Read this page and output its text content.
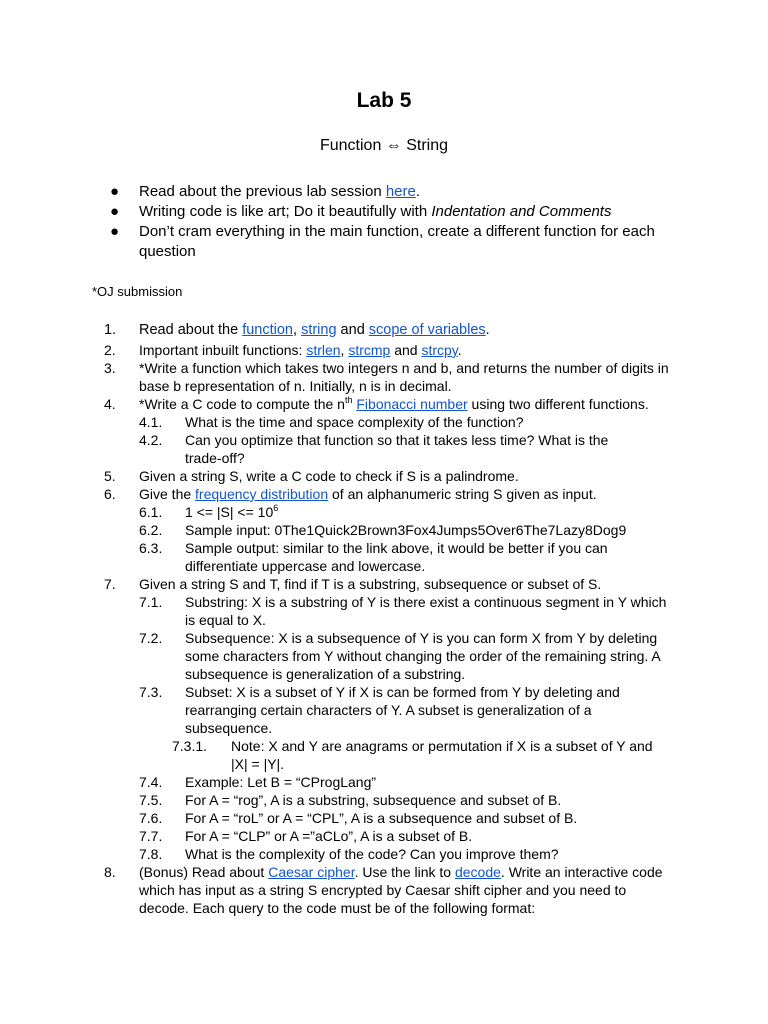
Lab 5
Function ⇔ String
● Read about the previous lab session here.
● Writing code is like art; Do it beautifully with Indentation and Comments
● Don’t cram everything in the main function, create a different function for each question
*OJ submission
1.	Read about the function, string and scope of variables.
2.	Important inbuilt functions: strlen, strcmp and strcpy.
3.	*Write a function which takes two integers n and b, and returns the number of digits in base b representation of n. Initially, n is in decimal.
4.	*Write a C code to compute the $n^{th}$ Fibonacci number using two different functions.
4.1.	What is the time and space complexity of the function?
4.2.	Can you optimize that function so that it takes less time? What is the trade-off?
5.	Given a string S, write a C code to check if S is a palindrome.
6.	Give the frequency distribution of an alphanumeric string S given as input.
6.1.	$1 <= |S| <= 10^6$
6.2.	Sample input: 0The1Quick2Brown3Fox4Jumps5Over6The7Lazy8Dog9
6.3.	Sample output: similar to the link above, it would be better if you can differentiate uppercase and lowercase.
7.	Given a string S and T, find if T is a substring, subsequence or subset of S.
7.1.	Substring: X is a substring of Y is there exist a continuous segment in Y which is equal to X.
7.2.	Subsequence: X is a subsequence of Y is you can form X from Y by deleting some characters from Y without changing the order of the remaining string. A subsequence is generalization of a substring.
7.3.	Subset: X is a subset of Y if X is can be formed from Y by deleting and rearranging certain characters of Y. A subset is generalization of a subsequence.
7.3.1.	Note: X and Y are anagrams or permutation if X is a subset of Y and |X| = |Y|.
7.4.	Example: Let B = “CProgLang”
7.5.	For A = “rog”, A is a substring, subsequence and subset of B.
7.6.	For A = “roL” or A = “CPL”, A is a subsequence and subset of B.
7.7.	For A = “CLP” or A =”aCLo”, A is a subset of B.
7.8.	What is the complexity of the code? Can you improve them?
8.	(Bonus) Read about Caesar cipher. Use the link to decode. Write an interactive code which has input as a string S encrypted by Caesar shift cipher and you need to decode. Each query to the code must be of the following format:
